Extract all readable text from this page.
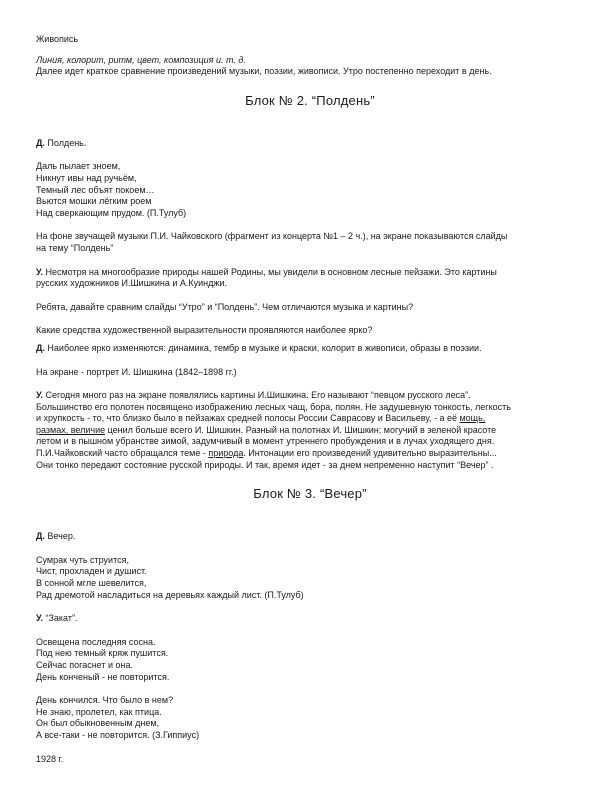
Живопись

Линия, колорит, ритм, цвет, композиция и. т. д.

Далее идет краткое сравнение произведений музыки, поэзии, живописи. Утро постепенно переходит в день.

Блок № 2. “Полдень”

Д. Полдень.

Даль пылает зноем,

Никнут ивы над ручьём,

Темный лес объят покоем…

Вьются мошки лёгким роем

Над сверкающим прудом. (П.Тулуб)

На фоне звучащей музыки П.И. Чайковского (фрагмент из концерта №1 – 2 ч.), на экране показываются слайды

на тему “Полдень”

У. Несмотря на многообразие природы нашей Родины, мы увидели в основном лесные пейзажи. Это картины

русских художников И.Шишкина и А.Куинджи.

Ребята, давайте сравним слайды “Утро” и “Полдень”. Чем отличаются музыка и картины?

Какие средства художественной выразительности проявляются наиболее ярко?

Д. Наиболее ярко изменяются: динамика, тембр в музыке и краски, колорит в живописи, образы в поэзии.

На экране - портрет И. Шишкина (1842–1898 гг.)

У. Сегодня много раз на экране появлялись картины И.Шишкина. Его называют “певцом русского леса”.

Большинство его полотен посвящено изображению лесных чащ, бора, полян. Не задушевную тонкость, легкость

и хрупкость - то, что близко было в пейзажах средней полосы России Саврасову и Васильеву, - а её мощь,

размах, величие ценил больше всего И. Шишкин. Разный на полотнах И. Шишкин; могучий в зеленой красоте

летом и в пышном убранстве зимой, задумчивый в момент утреннего пробуждения и в лучах уходящего дня.

П.И.Чайковский часто обращался теме - природа. Интонации его произведений удивительно выразительны...

Они тонко передают состояние русской природы. И так, время идет - за днем непременно наступит “Вечер” .

Блок № 3. “Вечер”

Д. Вечер.

Сумрак чуть струится,

Чист, прохладен и душист.

В сонной мгле шевелится,

Рад дремотой насладиться на деревьях каждый лист. (П.Тулуб)

У. “Закат”.

Освещена последняя сосна.

Под нею темный кряж пушится.

Сейчас погаснет и она.

День конченый - не повторится.

День кончился. Что было в нем?

Не знаю, пролетел, как птица.

Он был обыкновенным днем,

А все-таки - не повторится. (З.Гиппиус)

1928 г.
